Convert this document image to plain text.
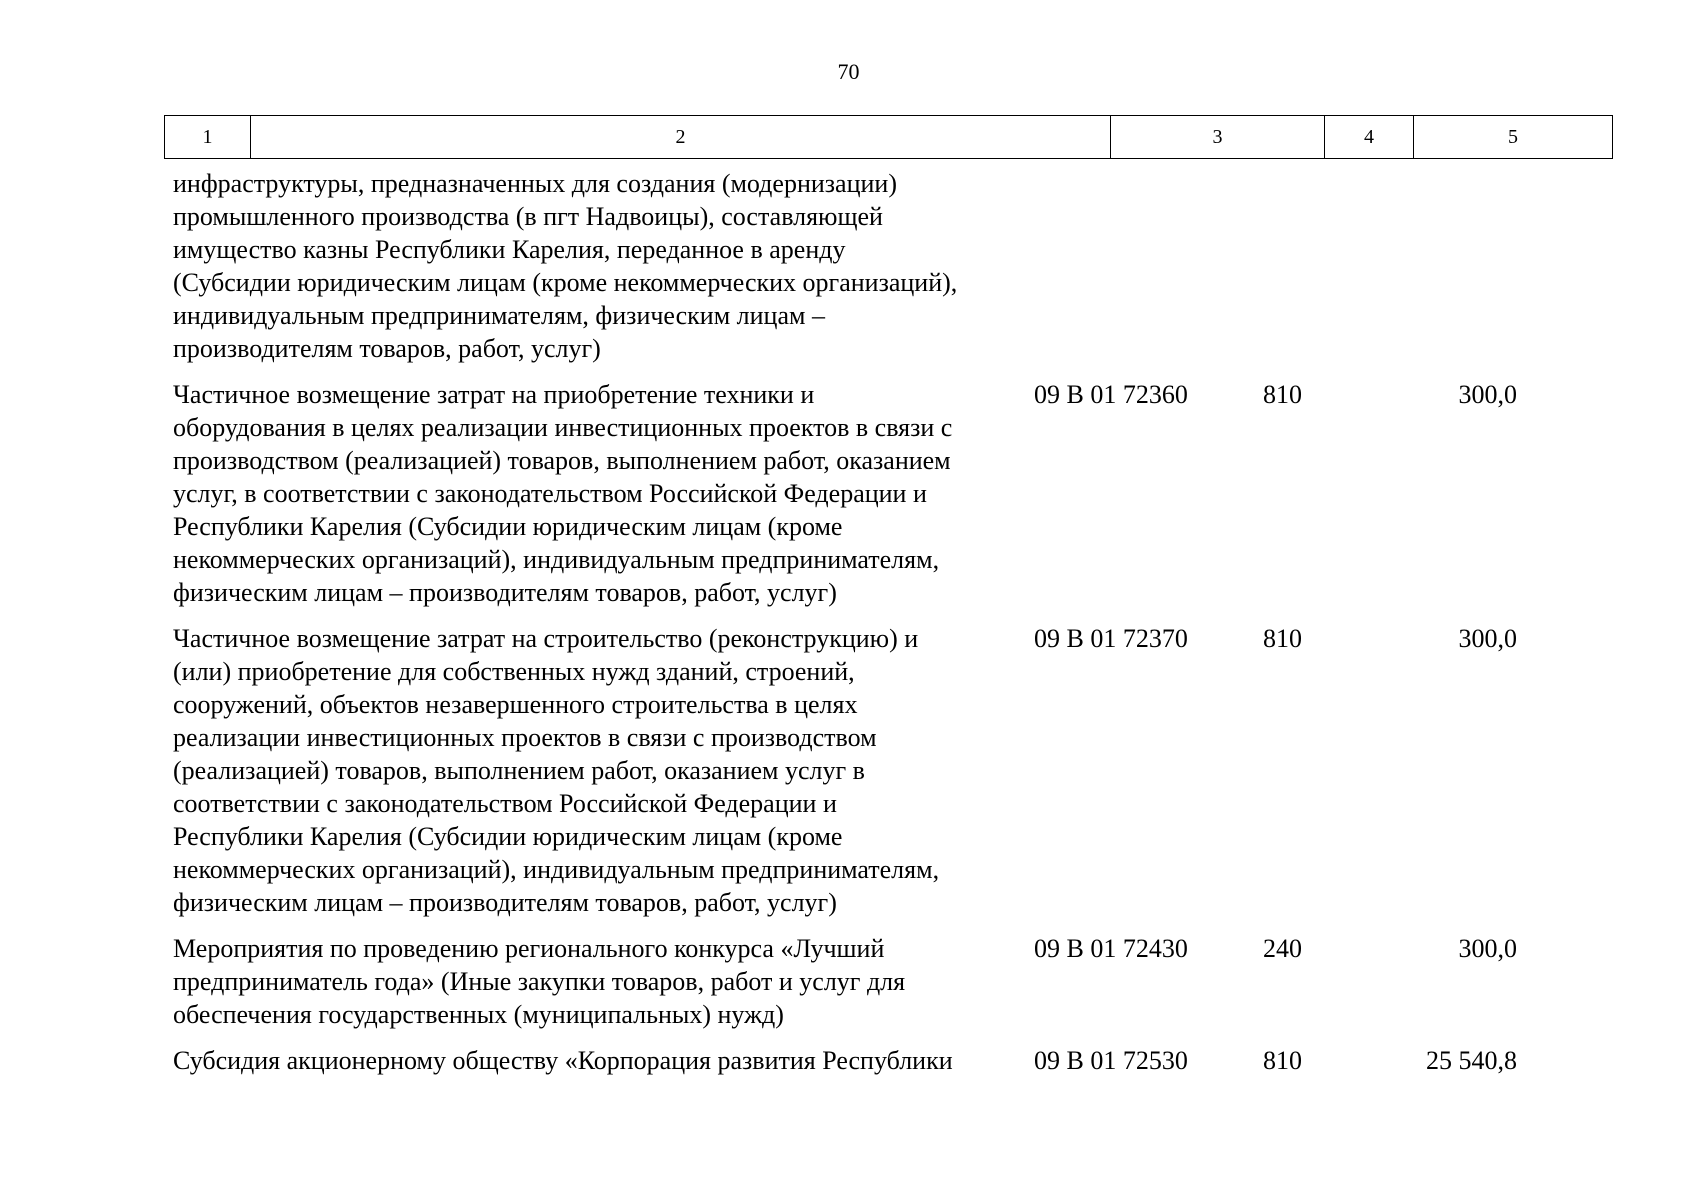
70
1	2	3	4	5
инфраструктуры, предназначенных для создания (модернизации)
промышленного производства (в пгт Надвоицы), составляющей
имущество казны Республики Карелия, переданное в аренду
(Субсидии юридическим лицам (кроме некоммерческих организаций),
индивидуальным предпринимателям, физическим лицам –
производителям товаров, работ, услуг)
Частичное возмещение затрат на приобретение техники и
оборудования в целях реализации инвестиционных проектов в связи с
производством (реализацией) товаров, выполнением работ, оказанием
услуг, в соответствии с законодательством Российской Федерации и
Республики Карелия (Субсидии юридическим лицам (кроме
некоммерческих организаций), индивидуальным предпринимателям,
физическим лицам – производителям товаров, работ, услуг)
09 В 01 72360	810	300,0
Частичное возмещение затрат на строительство (реконструкцию) и
(или) приобретение для собственных нужд зданий, строений,
сооружений, объектов незавершенного строительства в целях
реализации инвестиционных проектов в связи с производством
(реализацией) товаров, выполнением работ, оказанием услуг в
соответствии с законодательством Российской Федерации и
Республики Карелия (Субсидии юридическим лицам (кроме
некоммерческих организаций), индивидуальным предпринимателям,
физическим лицам – производителям товаров, работ, услуг)
09 В 01 72370	810	300,0
Мероприятия по проведению регионального конкурса «Лучший
предприниматель года» (Иные закупки товаров, работ и услуг для
обеспечения государственных (муниципальных) нужд)
09 В 01 72430	240	300,0
Субсидия акционерному обществу «Корпорация развития Республики	09 В 01 72530	810	25 540,8
